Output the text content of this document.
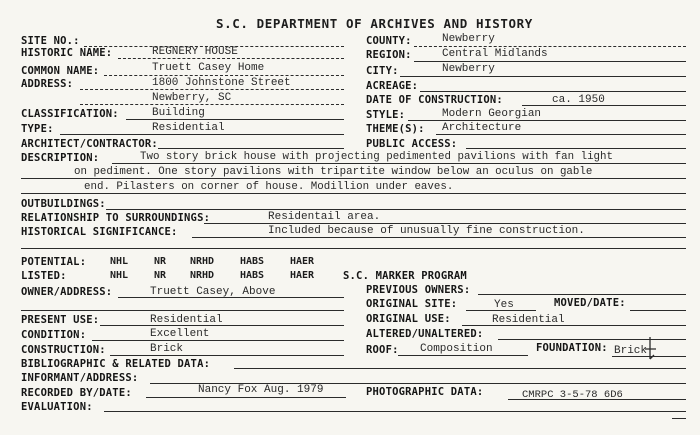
S.C. DEPARTMENT OF ARCHIVES AND HISTORY
SITE NO.:
HISTORIC NAME:	REGNERY HOUSE
COMMON NAME:	Truett Casey Home
ADDRESS:	1800 Johnstone Street
Newberry, SC
CLASSIFICATION:	Building
TYPE:	Residential
ARCHITECT/CONTRACTOR:
COUNTY:	Newberry
REGION:	Central Midlands
CITY:	Newberry
ACREAGE:
DATE OF CONSTRUCTION:	ca. 1950
STYLE:	Modern Georgian
THEME(S): Architecture
PUBLIC ACCESS:
DESCRIPTION:	Two story brick house with projecting pedimented pavilions with fan light
on pediment. One story pavilions with tripartite window below an oculus on gable
end. Pilasters on corner of house. Modillion under eaves.
OUTBUILDINGS:
RELATIONSHIP TO SURROUNDINGS:	Residentail area.
HISTORICAL SIGNIFICANCE:	Included because of unusually fine construction.
POTENTIAL: NHL	NR NRHD	HABS	HAER
LISTED:	NHL	NR NRHD	HABS	HAER	S.C. MARKER PROGRAM
OWNER/ADDRESS:	Truett Casey, Above	PREVIOUS OWNERS:
ORIGINAL SITE:	Yes	MOVED/DATE:
PRESENT USE:	Residential	ORIGINAL USE:	Residential
CONDITION:	Excellent	ALTERED/UNALTERED:
CONSTRUCTION:	Brick	ROOF: Composition	FOUNDATION: Brick
BIBLIOGRAPHIC & RELATED DATA:
INFORMANT/ADDRESS:
RECORDED BY/DATE:	Nancy Fox Aug. 1979	PHOTOGRAPHIC DATA:	CMRPC 3-5-78 6D6
EVALUATION:
